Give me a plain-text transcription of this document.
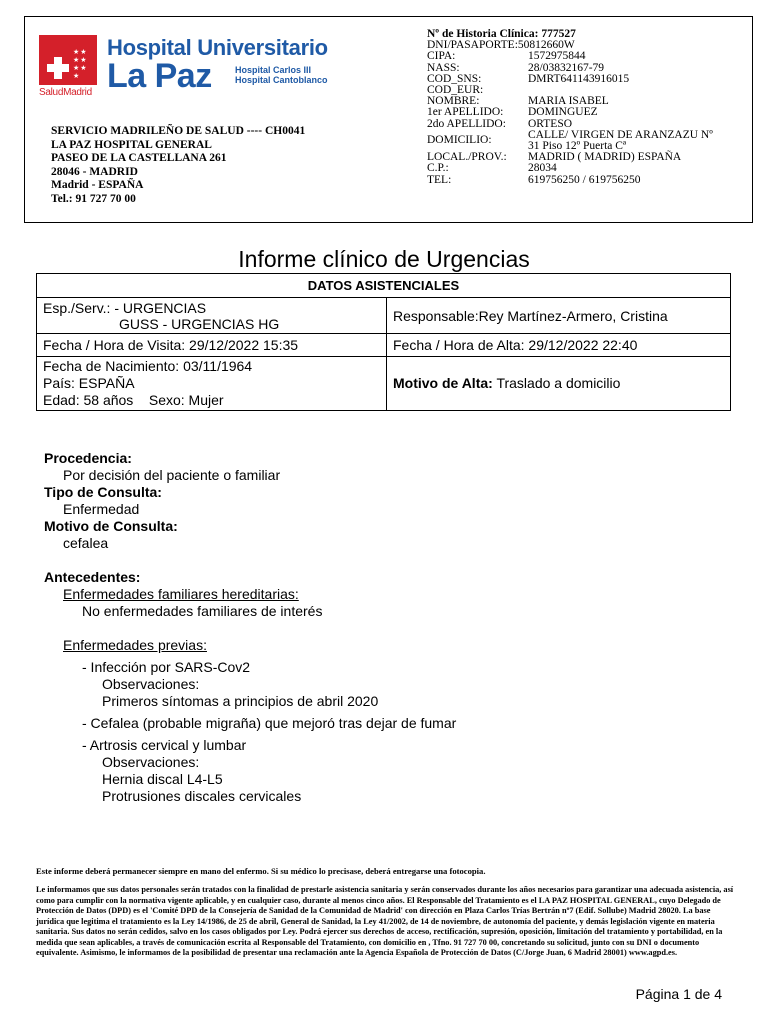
★★
★★
★★
★
SaludMadrid
Hospital Universitario
La Paz	Hospital Carlos III
Hospital Cantoblanco
SERVICIO MADRILEÑO DE SALUD ---- CH0041
LA PAZ HOSPITAL GENERAL
PASEO DE LA CASTELLANA 261
28046 - MADRID
Madrid - ESPAÑA
Tel.: 91 727 70 00
Nº de Historia Clínica: 777527
DNI/PASAPORTE:50812660W
CIPA:	1572975844
NASS:	28/03832167-79
COD_SNS:	DMRT641143916015
COD_EUR:
NOMBRE:	MARIA ISABEL
1er APELLIDO:	DOMINGUEZ
2do APELLIDO:	ORTESO
DOMICILIO:	CALLE/ VIRGEN DE ARANZAZU Nº
31 Piso 12º Puerta Cª
LOCAL./PROV.:	MADRID ( MADRID) ESPAÑA
C.P.:	28034
TEL:	619756250 / 619756250
Informe clínico de Urgencias
DATOS ASISTENCIALES	
Esp./Serv.: - URGENCIAS
GUSS - URGENCIAS HG	Responsable:Rey Martínez-Armero, Cristina
Fecha / Hora de Visita: 29/12/2022 15:35	Fecha / Hora de Alta: 29/12/2022 22:40

Fecha de Nacimiento: 03/11/1964
País: ESPAÑA
Edad: 58 años Sexo: Mujer	Motivo de Alta: Traslado a domicilio
Procedencia:
Por decisión del paciente o familiar
Tipo de Consulta:
Enfermedad
Motivo de Consulta:
cefalea
Antecedentes:
Enfermedades familiares hereditarias:
No enfermedades familiares de interés
Enfermedades previas:
- Infección por SARS-Cov2
Observaciones:
Primeros síntomas a principios de abril 2020
- Cefalea (probable migraña) que mejoró tras dejar de fumar
- Artrosis cervical y lumbar
Observaciones:
Hernia discal L4-L5
Protrusiones discales cervicales
Este informe deberá permanecer siempre en mano del enfermo. Si su médico lo precisase, deberá entregarse una fotocopia.
Le informamos que sus datos personales serán tratados con la finalidad de prestarle asistencia sanitaria y serán conservados durante los años necesarios para garantizar una adecuada asistencia, así como para cumplir con la normativa vigente aplicable, y en cualquier caso, durante al menos cinco años. El Responsable del Tratamiento es el LA PAZ HOSPITAL GENERAL, cuyo Delegado de Protección de Datos (DPD) es el 'Comité DPD de la Consejería de Sanidad de la Comunidad de Madrid' con dirección en Plaza Carlos Trías Bertrán nº7 (Edif. Sollube) Madrid 28020. La base jurídica que legitima el tratamiento es la Ley 14/1986, de 25 de abril, General de Sanidad, la Ley 41/2002, de 14 de noviembre, de autonomía del paciente, y demás legislación vigente en materia sanitaria. Sus datos no serán cedidos, salvo en los casos obligados por Ley. Podrá ejercer sus derechos de acceso, rectificación, supresión, oposición, limitación del tratamiento y portabilidad, en la medida que sean aplicables, a través de comunicación escrita al Responsable del Tratamiento, con domicilio en , Tfno. 91 727 70 00, concretando su solicitud, junto con su DNI o documento equivalente. Asimismo, le informamos de la posibilidad de presentar una reclamación ante la Agencia Española de Protección de Datos (C/Jorge Juan, 6 Madrid 28001) www.agpd.es.
Página 1 de 4
